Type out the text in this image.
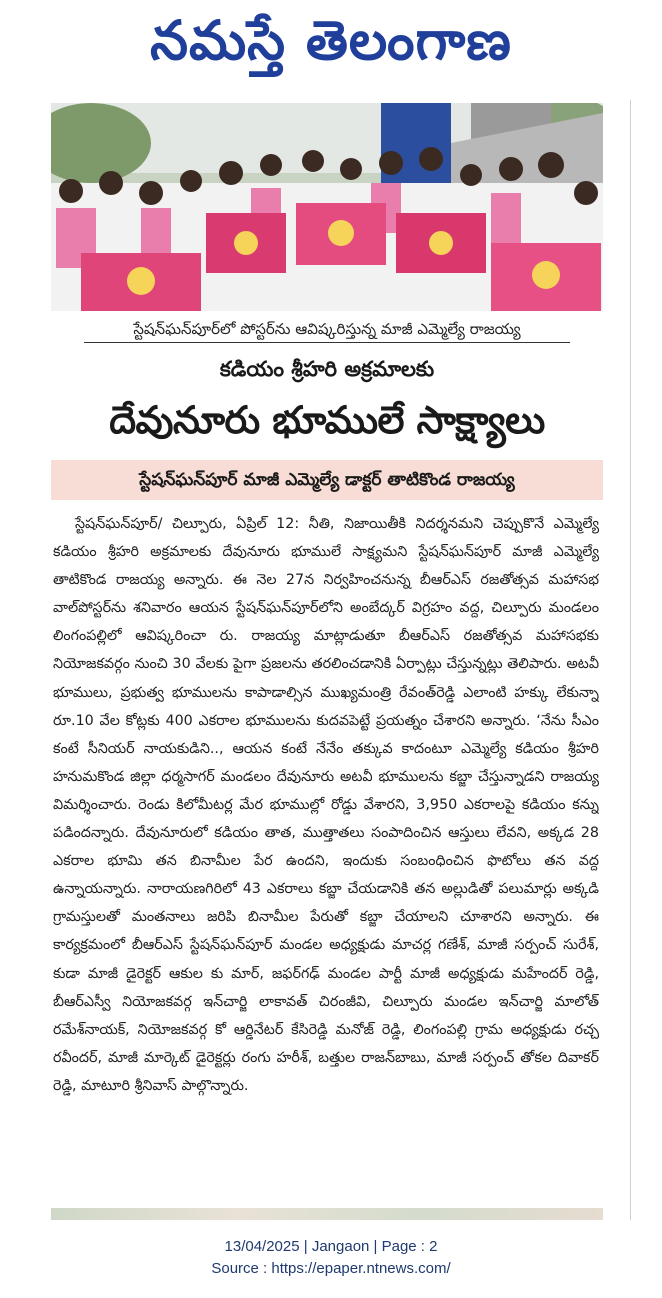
నమస్తే తెలంగాణ
స్టేషన్‌ఘన్‌పూర్‌లో పోస్టర్‌ను ఆవిష్కరిస్తున్న మాజీ ఎమ్మెల్యే రాజయ్య
కడియం శ్రీహరి అక్రమాలకు
దేవునూరు భూములే సాక్ష్యాలు
స్టేషన్‌ఘన్‌పూర్ మాజీ ఎమ్మెల్యే డాక్టర్ తాటికొండ రాజయ్య
స్టేషన్‌ఘన్‌పూర్/ చిల్పూరు, ఏప్రిల్ 12: నీతి, నిజాయితీకి నిదర్శనమని చెప్పుకొనే ఎమ్మెల్యే కడియం శ్రీహరి అక్రమాలకు దేవునూరు భూములే సాక్ష్యమని స్టేషన్‌ఘన్‌పూర్ మాజీ ఎమ్మెల్యే తాటికొండ రాజయ్య అన్నారు. ఈ నెల 27న నిర్వహించనున్న బీఆర్‌ఎస్ రజతోత్సవ మహాసభ వాల్‌పోస్టర్‌ను శనివారం ఆయన స్టేషన్‌ఘన్‌పూర్‌లోని అంబేద్కర్ విగ్రహం వద్ద, చిల్పూరు మండలం లింగంపల్లిలో ఆవిష్కరించా రు. రాజయ్య మాట్లాడుతూ బీఆర్‌ఎస్ రజతోత్సవ మహాసభకు నియోజకవర్గం నుంచి 30 వేలకు పైగా ప్రజలను తరలించడానికి ఏర్పాట్లు చేస్తున్నట్లు తెలిపారు. అటవీ భూములు, ప్రభుత్వ భూములను కాపాడాల్సిన ముఖ్యమంత్రి రేవంత్‌రెడ్డి ఎలాంటి హక్కు లేకున్నా రూ.10 వేల కోట్లకు 400 ఎకరాల భూములను కుదవపెట్టే ప్రయత్నం చేశారని అన్నారు. ‘నేను సీఎం కంటే సీనియర్ నాయకుడిని.., ఆయన కంటే నేనేం తక్కువ కాదంటూ ఎమ్మెల్యే కడియం శ్రీహరి హనుమకొండ జిల్లా ధర్మసాగర్ మండలం దేవునూరు అటవీ భూములను కబ్జా చేస్తున్నాడని రాజయ్య విమర్శించారు. రెండు కిలోమీటర్ల మేర భూముల్లో రోడ్డు వేశారని, 3,950 ఎకరాలపై కడియం కన్ను పడిందన్నారు. దేవునూరులో కడియం తాత, ముత్తాతలు సంపాదించిన ఆస్తులు లేవని, అక్కడ 28 ఎకరాల భూమి తన బినామీల పేర ఉందని, ఇందుకు సంబంధించిన ఫొటోలు తన వద్ద ఉన్నాయన్నారు. నారాయణగిరిలో 43 ఎకరాలు కబ్జా చేయడానికి తన అల్లుడితో పలుమార్లు అక్కడి గ్రామస్తులతో మంతనాలు జరిపి బినామీల పేరుతో కబ్జా చేయాలని చూశారని అన్నారు. ఈ కార్యక్రమంలో బీఆర్‌ఎస్ స్టేషన్‌ఘన్‌పూర్ మండల అధ్యక్షుడు మాచర్ల గణేశ్, మాజీ సర్పంచ్ సురేశ్, కుడా మాజీ డైరెక్టర్ ఆకుల కు మార్, జఫర్‌గఢ్ మండల పార్టీ మాజీ అధ్యక్షుడు మహేందర్ రెడ్డి, బీఆర్‌ఎస్వీ నియోజకవర్గ ఇన్‌చార్జి లాకావత్ చిరంజీవి, చిల్పూరు మండల ఇన్‌చార్జి మాలోత్ రమేశ్‌నాయక్, నియోజకవర్గ కో ఆర్డినేటర్ కేసిరెడ్డి మనోజ్ రెడ్డి, లింగంపల్లి గ్రామ అధ్యక్షుడు రచ్చ రవీందర్, మాజీ మార్కెట్ డైరెక్టర్లు రంగు హరీశ్, బత్తుల రాజన్‌బాబు, మాజీ సర్పంచ్ తోకల దివాకర్ రెడ్డి, మాటూరి శ్రీనివాస్ పాల్గొన్నారు.
13/04/2025 | Jangaon | Page : 2
Source : https://epaper.ntnews.com/
